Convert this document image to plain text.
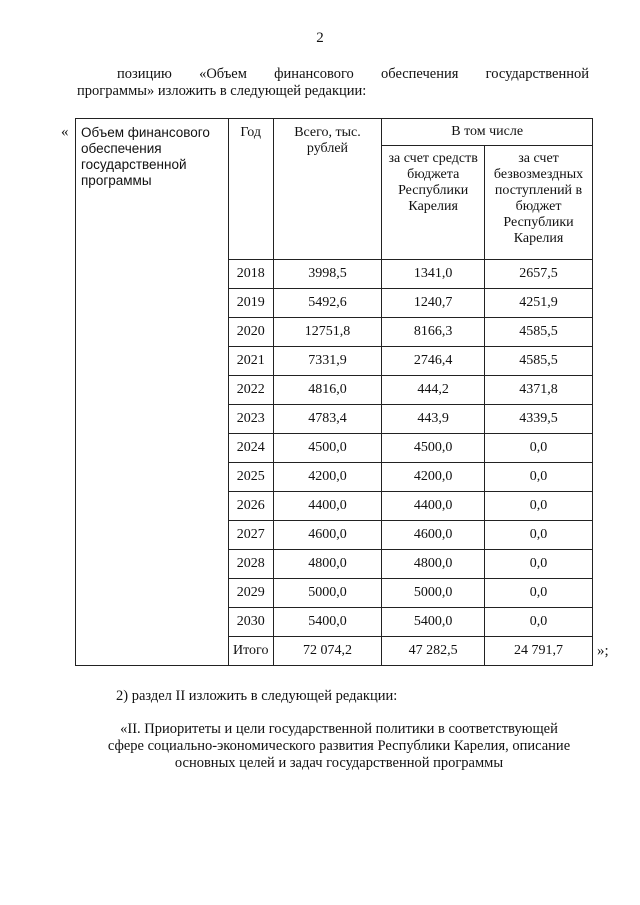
2
позицию «Объем финансового обеспечения государственной
программы» изложить в следующей редакции:
« Объем финансового обеспечения государственной программы	Год	Всего, тыс. рублей	В том числе	
			за счет средств бюджета Республики Карелия	за счет безвозмездных поступлений в бюджет Республики Карелия
	2018	3998,5	1341,0	2657,5
	2019	5492,6	1240,7	4251,9
	2020	12751,8	8166,3	4585,5
	2021	7331,9	2746,4	4585,5
	2022	4816,0	444,2	4371,8
	2023	4783,4	443,9	4339,5
	2024	4500,0	4500,0	0,0
	2025	4200,0	4200,0	0,0
	2026	4400,0	4400,0	0,0
	2027	4600,0	4600,0	0,0
	2028	4800,0	4800,0	0,0
	2029	5000,0	5000,0	0,0
	2030	5400,0	5400,0	0,0
	Итого	72 074,2	47 282,5	24 791,7 »;
2) раздел II изложить в следующей редакции:
«II. Приоритеты и цели государственной политики в соответствующей
сфере социально-экономического развития Республики Карелия, описание
основных целей и задач государственной программы
